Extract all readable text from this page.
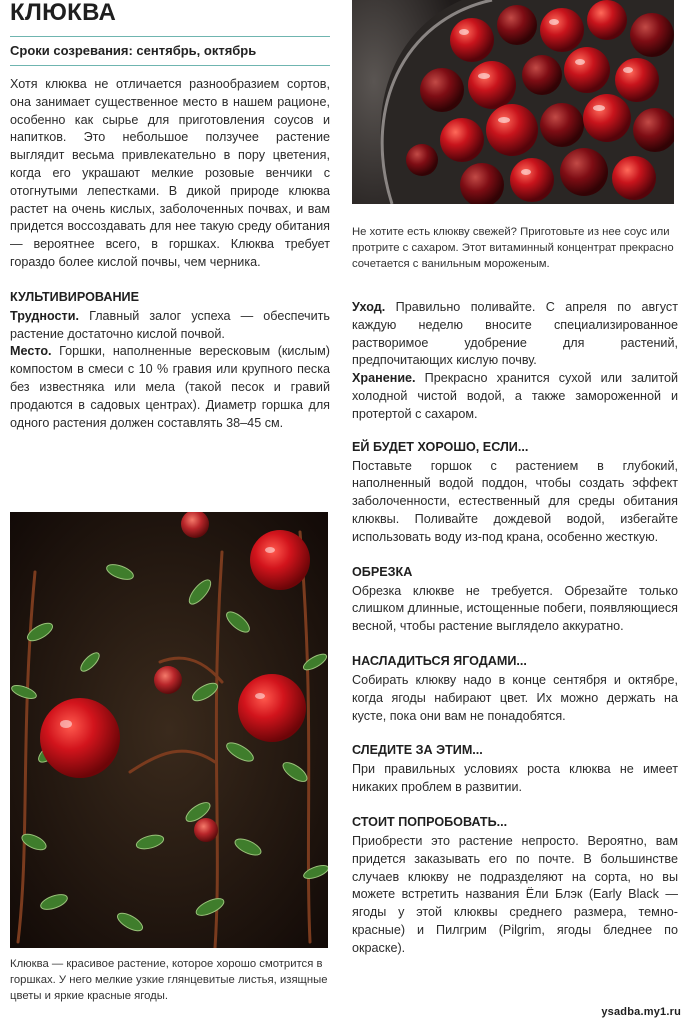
КЛЮКВА
Сроки созревания: сентябрь, октябрь

Хотя клюква не отличается разнообразием сортов, она занимает существенное место в нашем рационе, особенно как сырье для приготовления соусов и напитков. Это небольшое ползучее растение выглядит весьма привлекательно в пору цветения, когда его украшают мелкие розовые венчики с отогнутыми лепестками. В дикой природе клюква растет на очень кислых, заболоченных почвах, и вам придется воссоздавать для нее такую среду обитания — вероятнее всего, в горшках. Клюква требует гораздо более кислой почвы, чем черника.

КУЛЬТИВИРОВАНИЕ

Трудности. Главный залог успеха — обеспечить растение достаточно кислой почвой.

Место. Горшки, наполненные вересковым (кислым) компостом в смеси с 10 % гравия или крупного песка без известняка или мела (такой песок и гравий продаются в садовых центрах). Диаметр горшка для одного растения должен составлять 38–45 см.

Клюква — красивое растение, которое хорошо смотрится в горшках. У него мелкие узкие глянцевитые листья, изящные цветы и яркие красные ягоды.

Не хотите есть клюкву свежей? Приготовьте из нее соус или протрите с сахаром. Этот витаминный концентрат прекрасно сочетается с ванильным мороженым.

Уход. Правильно поливайте. С апреля по август каждую неделю вносите специализированное растворимое удобрение для растений, предпочитающих кислую почву.

Хранение. Прекрасно хранится сухой или залитой холодной чистой водой, а также замороженной и протертой с сахаром.

ЕЙ БУДЕТ ХОРОШО, ЕСЛИ...

Поставьте горшок с растением в глубокий, наполненный водой поддон, чтобы создать эффект заболоченности, естественный для среды обитания клюквы. Поливайте дождевой водой, избегайте использовать воду из-под крана, особенно жесткую.

ОБРЕЗКА

Обрезка клюкве не требуется. Обрезайте только слишком длинные, истощенные побеги, появляющиеся весной, чтобы растение выглядело аккуратно.

НАСЛАДИТЬСЯ ЯГОДАМИ...

Собирать клюкву надо в конце сентября и октябре, когда ягоды набирают цвет. Их можно держать на кусте, пока они вам не понадобятся.

СЛЕДИТЕ ЗА ЭТИМ...

При правильных условиях роста клюква не имеет никаких проблем в развитии.

СТОИТ ПОПРОБОВАТЬ...

Приобрести это растение непросто. Вероятно, вам придется заказывать его по почте. В большинстве случаев клюкву не подразделяют на сорта, но вы можете встретить названия Ёли Блэк (Early Black — ягоды у этой клюквы среднего размера, темно-красные) и Пилгрим (Pilgrim, ягоды бледнее по окраске).

ysadba.my1.ru
